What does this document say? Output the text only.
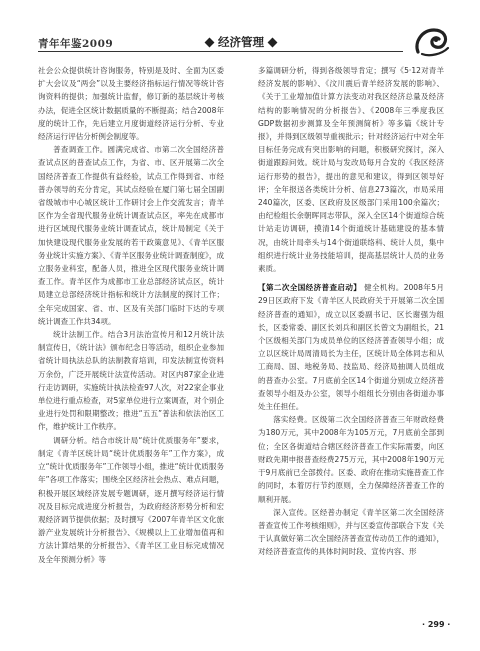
青年年鉴2009	经济管理

社会公众提供统计咨询服务，特别是及时、全面为区委扩大会议及“两会”以及主要经济指标运行情况等统计咨询资料的提供；加强统计监督，修订新的基层统计考核办法，促进全区统计数据质量的不断提高；结合2008年度的统计工作，先后建立月度街道经济运行分析、专业经济运行评估分析例会制度等。

普查调查工作。圆满完成省、市第二次全国经济普查试点区的普查试点工作，为省、市、区开展第二次全国经济普查工作提供有益经验，试点工作得到省、市经普办领导的充分肯定，其试点经验在厦门第七届全国副省级城市中心城区统计工作研讨会上作交流发言；青羊区作为全省现代服务业统计调查试点区，率先在成都市进行区域现代服务业统计调查试点，统计局制定《关于加快建设现代服务业发展的若干政策意见》、《青羊区服务业统计实施方案》、《青羊区服务业统计调查制度》，成立服务业科室，配备人员，推进全区现代服务业统计调查工作。青羊区作为成都市工业总部经济试点区，统计局建立总部经济统计指标和统计方法制度的探讨工作；全年完成国家、省、市、区及有关部门临时下达的专项统计调查工作共34项。

统计法制工作。结合3月法治宣传月和12月统计法制宣传日，《统计法》颁布纪念日等活动，组织企业参加省统计局执法总队的法制教育培训，印发法制宣传资料万余份，广泛开展统计法宣传活动。对区内87家企业进行走访调研，实施统计执法检查97人次，对22家企事业单位进行重点检查，对5家单位进行立案调查，对个别企业进行处罚和限期整改；推进“五五”普法和依法治区工作，维护统计工作秩序。

调研分析。结合市统计局“统计优质服务年”要求，制定《青羊区统计局“统计优质服务年”工作方案》，成立“统计优质服务年”工作领导小组，推进“统计优质服务年”各项工作落实；围绕全区经济社会热点、难点问题，积极开展区域经济发展专题调研，逐月撰写经济运行情况及目标完成进度分析报告，为政府经济形势分析和宏观经济调节提供依据；及时撰写《2007年青羊区文化旅游产业发展统计分析报告》、《规模以上工业增加值再和方法计算结果的分析报告》、《青羊区工业目标完成情况及全年预测分析》等

多篇调研分析，得到各级领导肯定；撰写《5·12对青羊经济发展的影响》、《汶川震后青羊经济发展的影响》、《关于工业增加值计算方法变动对我区经济总量及经济结构的影响情况的分析报告》、《2008年三季度我区GDP数据初步测算及全年预测简析》等多篇《统计专报》，并得到区级领导重视批示；针对经济运行中对全年目标任务完成有突出影响的问题，积极研究探讨，深入街道跟踪问效。统计局与发改局每月合发的《我区经济运行形势的报告》，提出的意见和建议，得到区领导好评；全年报送各类统计分析、信息273篇次，市局采用240篇次，区委、区政府及区级部门采用100余篇次；由纪检组长余朝晖同志带队，深入全区14个街道综合统计站走访调研，摸清14个街道统计基础建设的基本情况，由统计局牵头与14个街道联络科、统计人员，集中组织进行统计业务技能培训，提高基层统计人员的业务素质。

【第二次全国经济普查启动】 健全机构。2008年5月29日区政府下发《青羊区人民政府关于开展第二次全国经济普查的通知》，成立以区委副书记、区长谢强为组长，区委常委、副区长刘兵和副区长曾文为副组长，21个区级相关部门为成员单位的区经济普查领导小组；成立以区统计局周清局长为主任，区统计局全体同志和从工商局、国、地税务局、技监局、经济局抽调人员组成的普查办公室。7月底前全区14个街道分别成立经济普查领导小组及办公室，领导小组组长分别由各街道办事处主任担任。

落实经费。区级第二次全国经济普查三年财政经费为180万元，其中2008年为105万元，7月底前全部到位；全区各街道结合辖区经济普查工作实际需要，向区财政先期申报普查经费275万元，其中2008年190万元于9月底前已全部拨付。区委、政府在推动实施普查工作的同时，本着厉行节约原则，全力保障经济普查工作的顺利开展。

深入宣传。区经普办制定《青羊区第二次全国经济普查宣传工作考核细则》，并与区委宣传部联合下发《关于认真做好第二次全国经济普查宣传动员工作的通知》，对经济普查宣传的具体时间时段、宣传内容、形

· 299 ·
